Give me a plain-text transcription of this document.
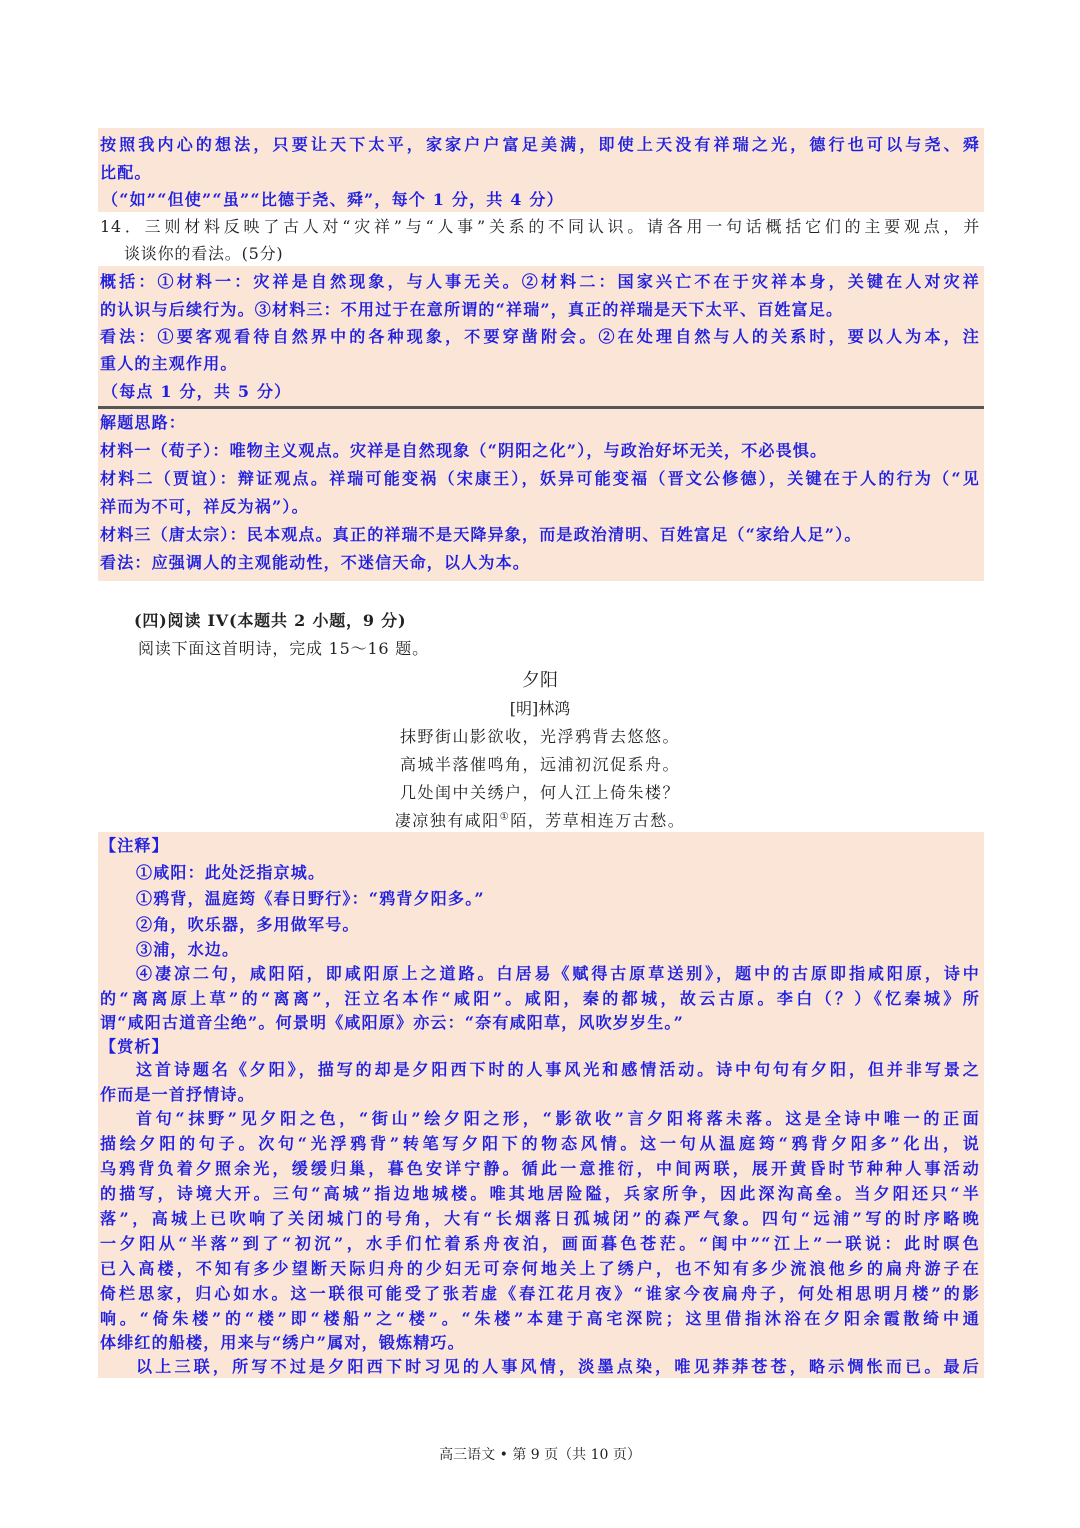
按照我内心的想法，只要让天下太平，家家户户富足美满，即使上天没有祥瑞之光，德行也可以与尧、舜
比配。
（“如”“但使”“虽”“比德于尧、舜”，每个 1 分，共 4 分）
14．三则材料反映了古人对“灾祥”与“人事”关系的不同认识。请各用一句话概括它们的主要观点，并
谈谈你的看法。(5分)
概括：①材料一：灾祥是自然现象，与人事无关。②材料二：国家兴亡不在于灾祥本身，关键在人对灾祥
的认识与后续行为。③材料三：不用过于在意所谓的“祥瑞”，真正的祥瑞是天下太平、百姓富足。
看法：①要客观看待自然界中的各种现象，不要穿凿附会。②在处理自然与人的关系时，要以人为本，注
重人的主观作用。
（每点 1 分，共 5 分）
解题思路：
材料一（荀子）：唯物主义观点。灾祥是自然现象（“阴阳之化”），与政治好坏无关，不必畏惧。
材料二（贾谊）：辩证观点。祥瑞可能变祸（宋康王），妖异可能变福（晋文公修德），关键在于人的行为（“见
祥而为不可，祥反为祸”）。
材料三（唐太宗）：民本观点。真正的祥瑞不是天降异象，而是政治清明、百姓富足（“家给人足”）。
看法：应强调人的主观能动性，不迷信天命，以人为本。
(四)阅读 IV(本题共 2 小题，9 分)
阅读下面这首明诗，完成 15～16 题。
夕阳
[明]林鸿
抹野街山影欲收，光浮鸦背去悠悠。
高城半落催鸣角，远浦初沉促系舟。
几处闺中关绣户，何人江上倚朱楼？
凄凉独有咸阳①陌，芳草相连万古愁。
【注释】
①咸阳：此处泛指京城。
①鸦背，温庭筠《春日野行》：“鸦背夕阳多。”
②角，吹乐器，多用做军号。
③浦，水边。
④凄凉二句，咸阳陌，即咸阳原上之道路。白居易《赋得古原草送别》，题中的古原即指咸阳原，诗中
的“离离原上草”的“离离”，汪立名本作“咸阳”。咸阳，秦的都城，故云古原。李白（？）《忆秦城》所
谓“咸阳古道音尘绝”。何景明《咸阳原》亦云：“奈有咸阳草，风吹岁岁生。”
【赏析】
这首诗题名《夕阳》，描写的却是夕阳西下时的人事风光和感情活动。诗中句句有夕阳，但并非写景之
作而是一首抒情诗。
首句“抹野”见夕阳之色，“街山”绘夕阳之形，“影欲收”言夕阳将落未落。这是全诗中唯一的正面
描绘夕阳的句子。次句“光浮鸦背”转笔写夕阳下的物态风情。这一句从温庭筠“鸦背夕阳多”化出，说
乌鸦背负着夕照余光，缓缓归巢，暮色安详宁静。循此一意推衍，中间两联，展开黄昏时节种种人事活动
的描写，诗境大开。三句“高城”指边地城楼。唯其地居险隘，兵家所争，因此深沟高垒。当夕阳还只“半
落”，高城上已吹响了关闭城门的号角，大有“长烟落日孤城闭”的森严气象。四句“远浦”写的时序略晚
一夕阳从“半落”到了“初沉”，水手们忙着系舟夜泊，画面暮色苍茫。“闺中”“江上”一联说：此时暝色
已入高楼，不知有多少望断天际归舟的少妇无可奈何地关上了绣户，也不知有多少流浪他乡的扁舟游子在
倚栏思家，归心如水。这一联很可能受了张若虚《春江花月夜》“谁家今夜扁舟子，何处相思明月楼”的影
响。“倚朱楼”的“楼”即“楼船”之“楼”。“朱楼”本建于高宅深院；这里借指沐浴在夕阳余霞散绮中通
体绯红的船楼，用来与“绣户”属对，锻炼精巧。
以上三联，所写不过是夕阳西下时习见的人事风情，淡墨点染，唯见莽莽苍苍，略示惆怅而已。最后
高三语文 • 第 9 页（共 10 页）
